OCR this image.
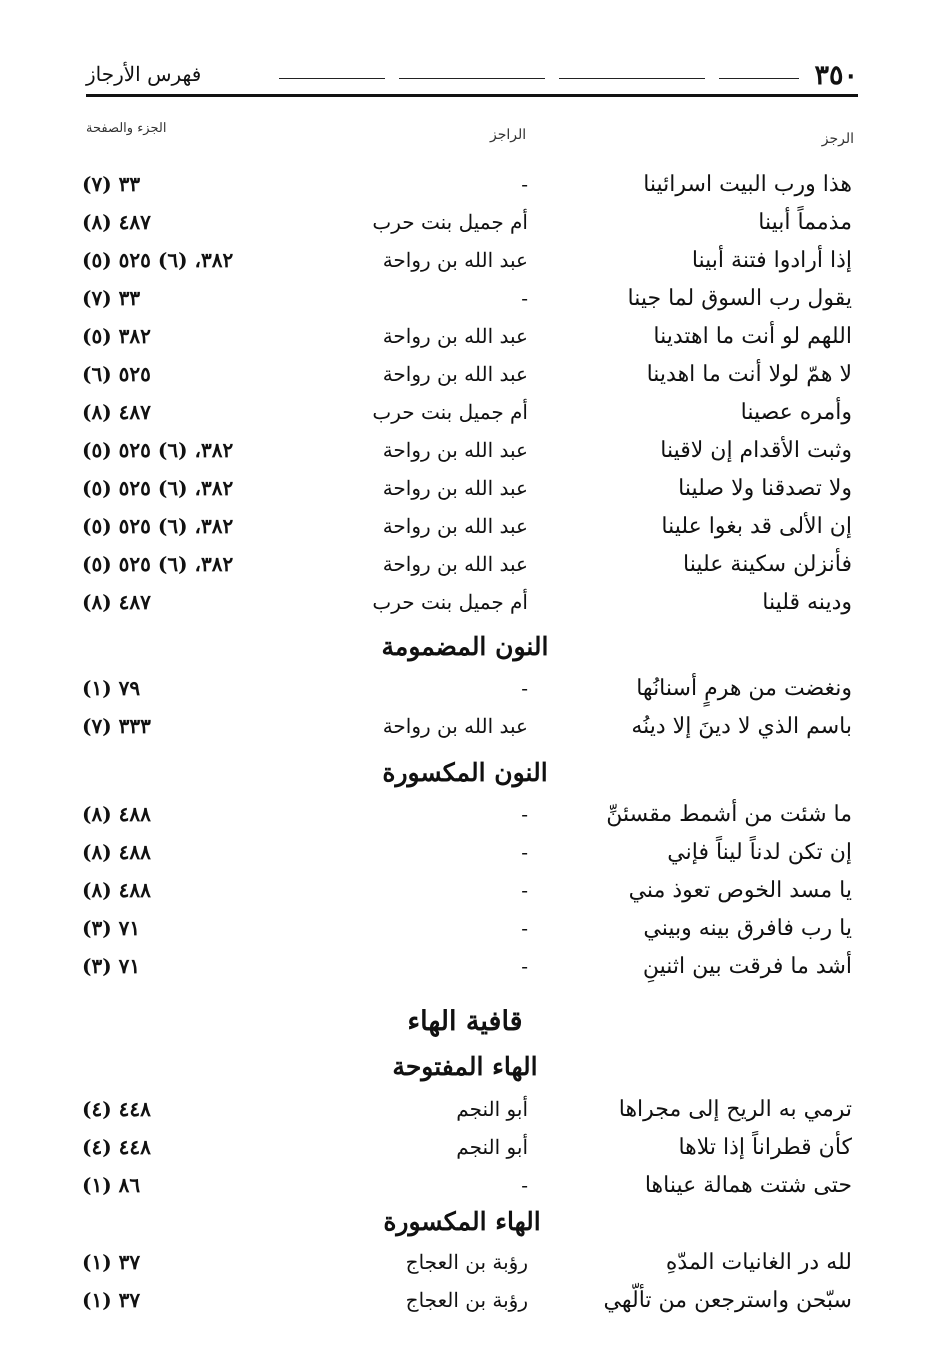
٣٥٠
فهرس الأرجاز
الرجز
الراجز
الجزء والصفحة
هذا ورب البيت اسرائينا
-
(٧) ٣٣
مذمماً أبينا
أم جميل بنت حرب
(٨) ٤٨٧
إذا أرادوا فتنة أبينا
عبد الله بن رواحة
(٥) ٣٨٢، (٦) ٥٢٥
يقول رب السوق لما جينا
-
(٧) ٣٣
اللهم لو أنت ما اهتدينا
عبد الله بن رواحة
(٥) ٣٨٢
لا همّ لولا أنت ما اهدينا
عبد الله بن رواحة
(٦) ٥٢٥
وأمره عصينا
أم جميل بنت حرب
(٨) ٤٨٧
وثبت الأقدام إن لاقينا
عبد الله بن رواحة
(٥) ٣٨٢، (٦) ٥٢٥
ولا تصدقنا ولا صلينا
عبد الله بن رواحة
(٥) ٣٨٢، (٦) ٥٢٥
إن الألى قد بغوا علينا
عبد الله بن رواحة
(٥) ٣٨٢، (٦) ٥٢٥
فأنزلن سكينة علينا
عبد الله بن رواحة
(٥) ٣٨٢، (٦) ٥٢٥
ودينه قلينا
أم جميل بنت حرب
(٨) ٤٨٧
النون المضمومة
ونغضت من هرمٍ أسنانُها
-
(١) ٧٩
باسم الذي لا دينَ إلا دينُه
عبد الله بن رواحة
(٧) ٣٣٣
النون المكسورة
ما شئت من أشمط مقسئنِّ
-
(٨) ٤٨٨
إن تكن لدناً ليناً فإني
-
(٨) ٤٨٨
يا مسد الخوص تعوذ مني
-
(٨) ٤٨٨
يا رب فافرق بينه وبيني
-
(٣) ٧١
أشد ما فرقت بين اثنينِ
-
(٣) ٧١
قافية الهاء
الهاء المفتوحة
ترمي به الريح إلى مجراها
أبو النجم
(٤) ٤٤٨
كأن قطراناً إذا تلاها
أبو النجم
(٤) ٤٤٨
حتى شتت همالة عيناها
-
(١) ٨٦
الهاء المكسورة
لله در الغانيات المدّهِ
رؤبة بن العجاج
(١) ٣٧
سبّحن واسترجعن من تألّهي
رؤبة بن العجاج
(١) ٣٧
